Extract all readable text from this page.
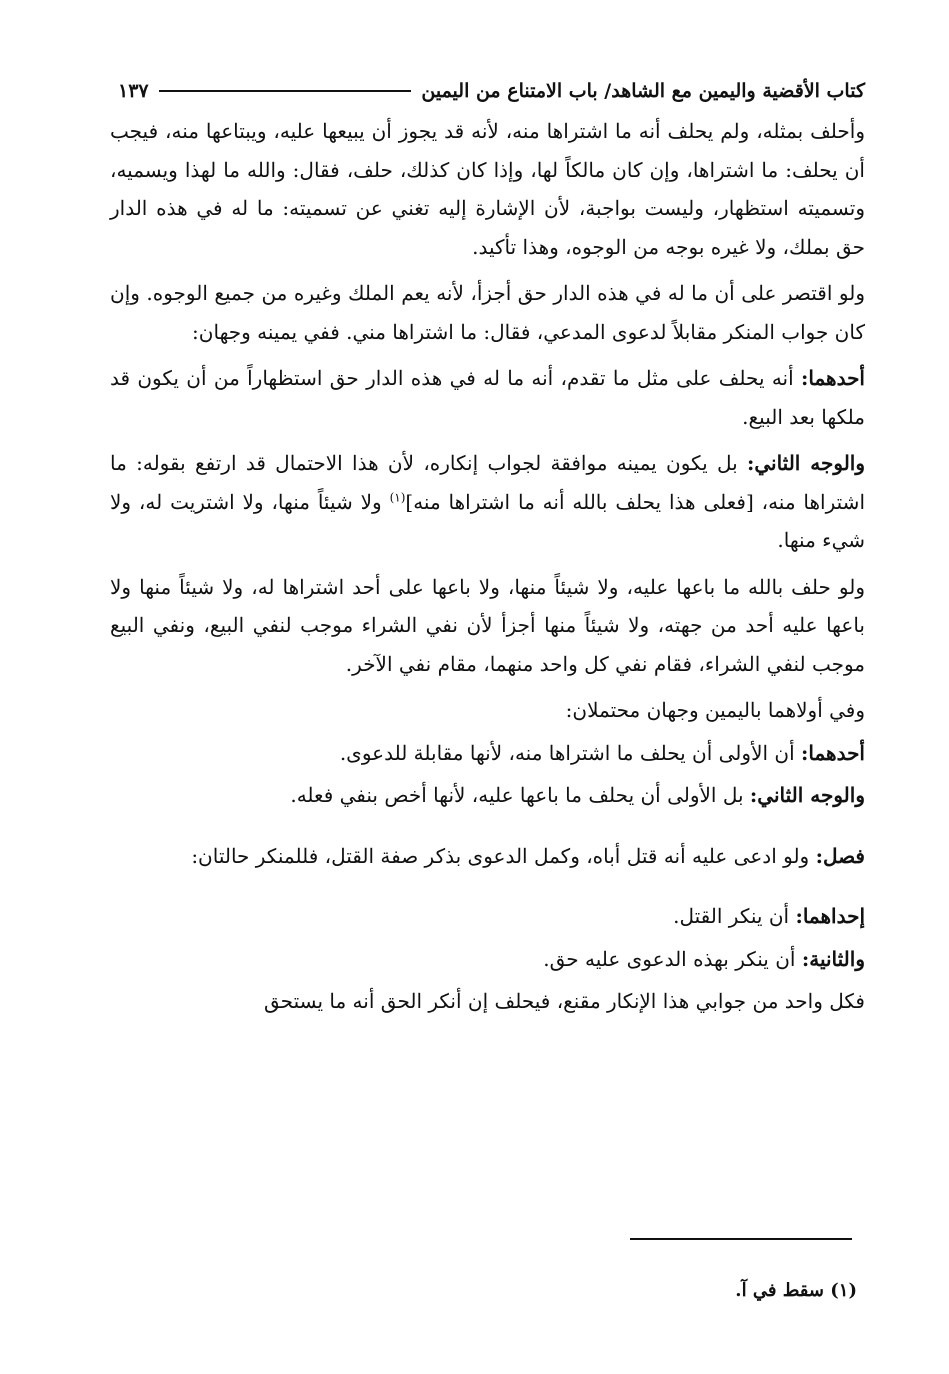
كتاب الأقضية واليمين مع الشاهد/ باب الامتناع من اليمين
١٣٧

وأحلف بمثله، ولم يحلف أنه ما اشتراها منه، لأنه قد يجوز أن يبيعها عليه، ويبتاعها منه، فيجب أن يحلف: ما اشتراها، وإن كان مالكاً لها، وإذا كان كذلك، حلف، فقال: والله ما لهذا ويسميه، وتسميته استظهار، وليست بواجبة، لأن الإشارة إليه تغني عن تسميته: ما له في هذه الدار حق بملك، ولا غيره بوجه من الوجوه، وهذا تأكيد.

ولو اقتصر على أن ما له في هذه الدار حق أجزأ، لأنه يعم الملك وغيره من جميع الوجوه. وإن كان جواب المنكر مقابلاً لدعوى المدعي، فقال: ما اشتراها مني. ففي يمينه وجهان:

أحدهما: أنه يحلف على مثل ما تقدم، أنه ما له في هذه الدار حق استظهاراً من أن يكون قد ملكها بعد البيع.

والوجه الثاني: بل يكون يمينه موافقة لجواب إنكاره، لأن هذا الاحتمال قد ارتفع بقوله: ما اشتراها منه، [فعلى هذا يحلف بالله أنه ما اشتراها منه]$^{(١)}$ ولا شيئاً منها، ولا اشتريت له، ولا شيء منها.

ولو حلف بالله ما باعها عليه، ولا شيئاً منها، ولا باعها على أحد اشتراها له، ولا شيئاً منها ولا باعها عليه أحد من جهته، ولا شيئاً منها أجزأ لأن نفي الشراء موجب لنفي البيع، ونفي البيع موجب لنفي الشراء، فقام نفي كل واحد منهما، مقام نفي الآخر.

وفي أولاهما باليمين وجهان محتملان:

أحدهما: أن الأولى أن يحلف ما اشتراها منه، لأنها مقابلة للدعوى.

والوجه الثاني: بل الأولى أن يحلف ما باعها عليه، لأنها أخص بنفي فعله.

فصل: ولو ادعى عليه أنه قتل أباه، وكمل الدعوى بذكر صفة القتل، فللمنكر حالتان:

إحداهما: أن ينكر القتل.

والثانية: أن ينكر بهذه الدعوى عليه حق.

فكل واحد من جوابي هذا الإنكار مقنع، فيحلف إن أنكر الحق أنه ما يستحق

(١) سقط في آ.
